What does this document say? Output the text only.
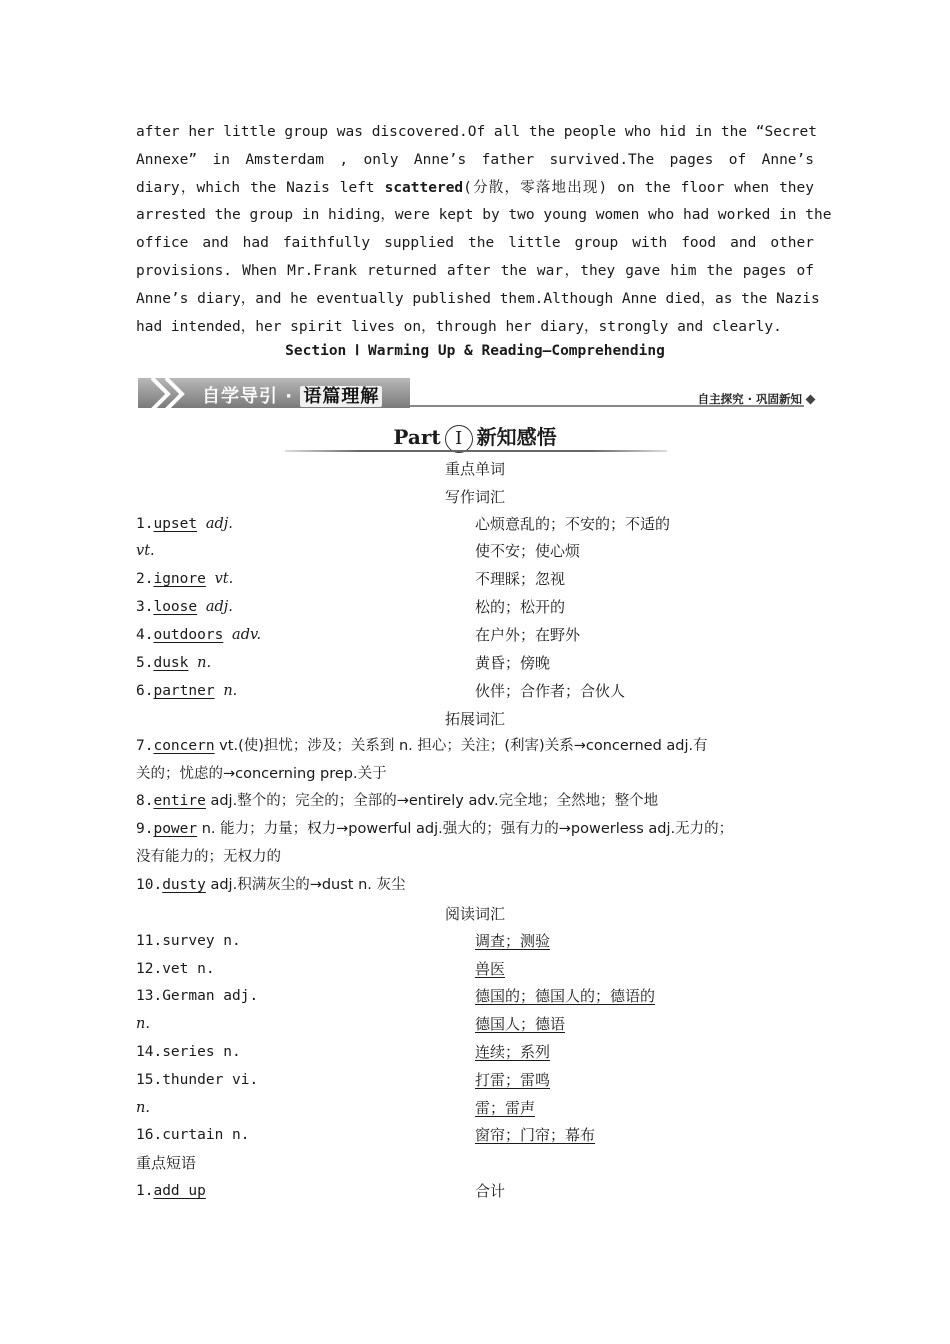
after her little group was discovered.Of all the people who hid in the “Secret
Annexe” in Amsterdam , only Anne’s father survived.The pages of Anne’s
diary，which the Nazis left scattered(分散，零落地出现) on the floor when they
arrested the group in hiding，were kept by two young women who had worked in the
office and had faithfully supplied the little group with food and other
provisions. When Mr.Frank returned after the war，they gave him the pages of
Anne’s diary，and he eventually published them.Although Anne died，as the Nazis
had intended，her spirit lives on，through her diary，strongly and clearly.
Section Ⅰ Warming Up & Reading—Comprehending
自学导引 · 语篇理解	自主探究 · 巩固新知
Part Ⅰ 新知感悟
重点单词
写作词汇
1.upset adj.	心烦意乱的；不安的；不适的
vt.	使不安；使心烦
2.ignore vt.	不理睬；忽视
3.loose adj.	松的；松开的
4.outdoors adv.	在户外；在野外
5.dusk n.	黄昏；傍晚
6.partner n.	伙伴；合作者；合伙人
拓展词汇
7.concern vt.(使)担忧；涉及；关系到 n. 担心；关注；(利害)关系→concerned adj.有
关的；忧虑的→concerning prep.关于
8.entire adj.整个的；完全的；全部的→entirely adv.完全地；全然地；整个地
9.power n. 能力；力量；权力→powerful adj.强大的；强有力的→powerless adj.无力的；
没有能力的；无权力的
10.dusty adj.积满灰尘的→dust n. 灰尘
阅读词汇
11.survey n.	调查；测验
12.vet n.	兽医
13.German adj.	德国的；德国人的；德语的
n.	德国人；德语
14.series n.	连续；系列
15.thunder vi.	打雷；雷鸣
n.	雷；雷声
16.curtain n.	窗帘；门帘；幕布
重点短语
1.add up	合计
